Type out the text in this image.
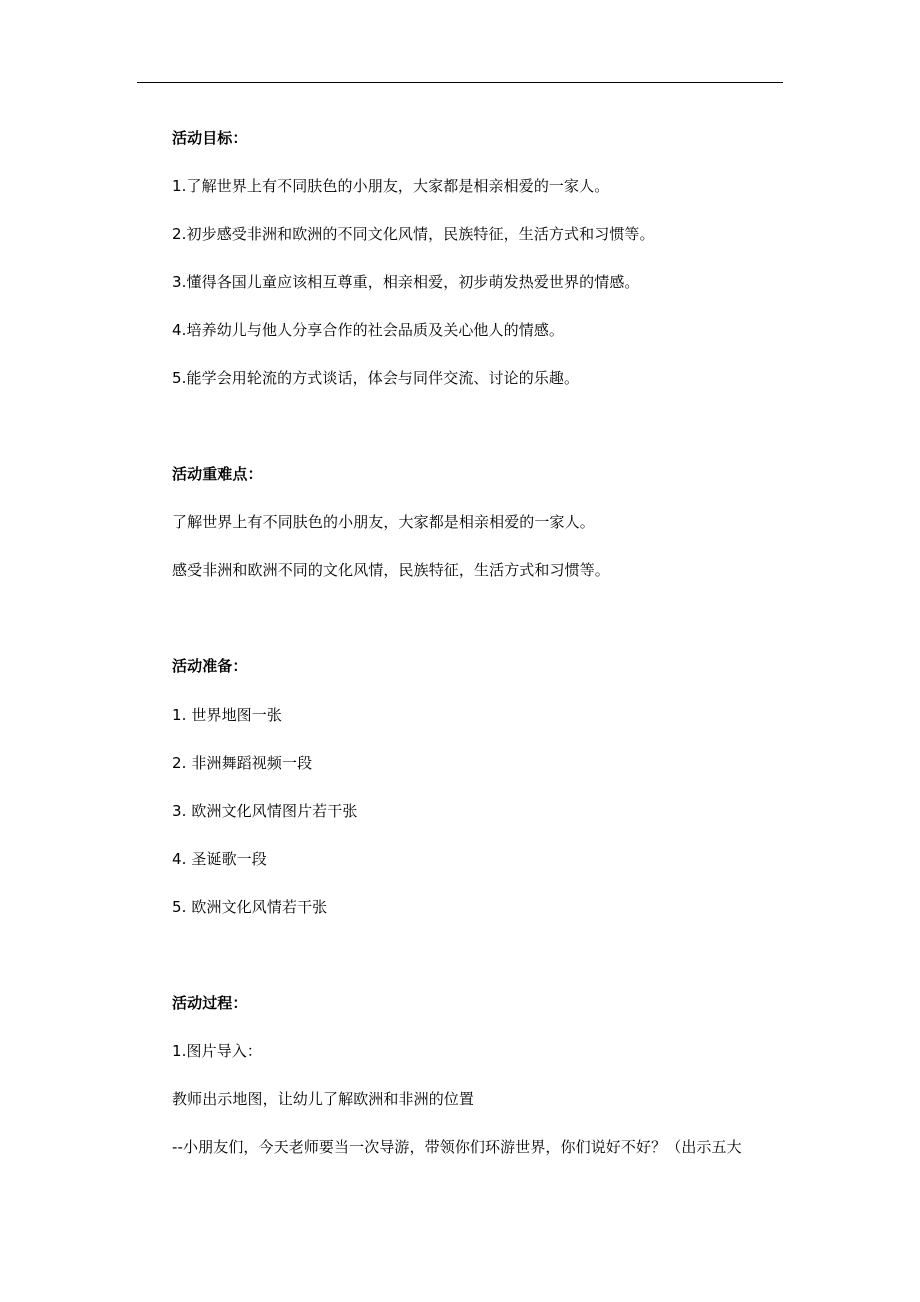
活动目标：
1.了解世界上有不同肤色的小朋友，大家都是相亲相爱的一家人。
2.初步感受非洲和欧洲的不同文化风情，民族特征，生活方式和习惯等。
3.懂得各国儿童应该相互尊重，相亲相爱，初步萌发热爱世界的情感。
4.培养幼儿与他人分享合作的社会品质及关心他人的情感。
5.能学会用轮流的方式谈话，体会与同伴交流、讨论的乐趣。
活动重难点：
了解世界上有不同肤色的小朋友，大家都是相亲相爱的一家人。
感受非洲和欧洲不同的文化风情，民族特征，生活方式和习惯等。
活动准备：
1. 世界地图一张
2. 非洲舞蹈视频一段
3. 欧洲文化风情图片若干张
4. 圣诞歌一段
5. 欧洲文化风情若干张
活动过程：
1.图片导入：
教师出示地图，让幼儿了解欧洲和非洲的位置
--小朋友们，今天老师要当一次导游，带领你们环游世界，你们说好不好？（出示五大
